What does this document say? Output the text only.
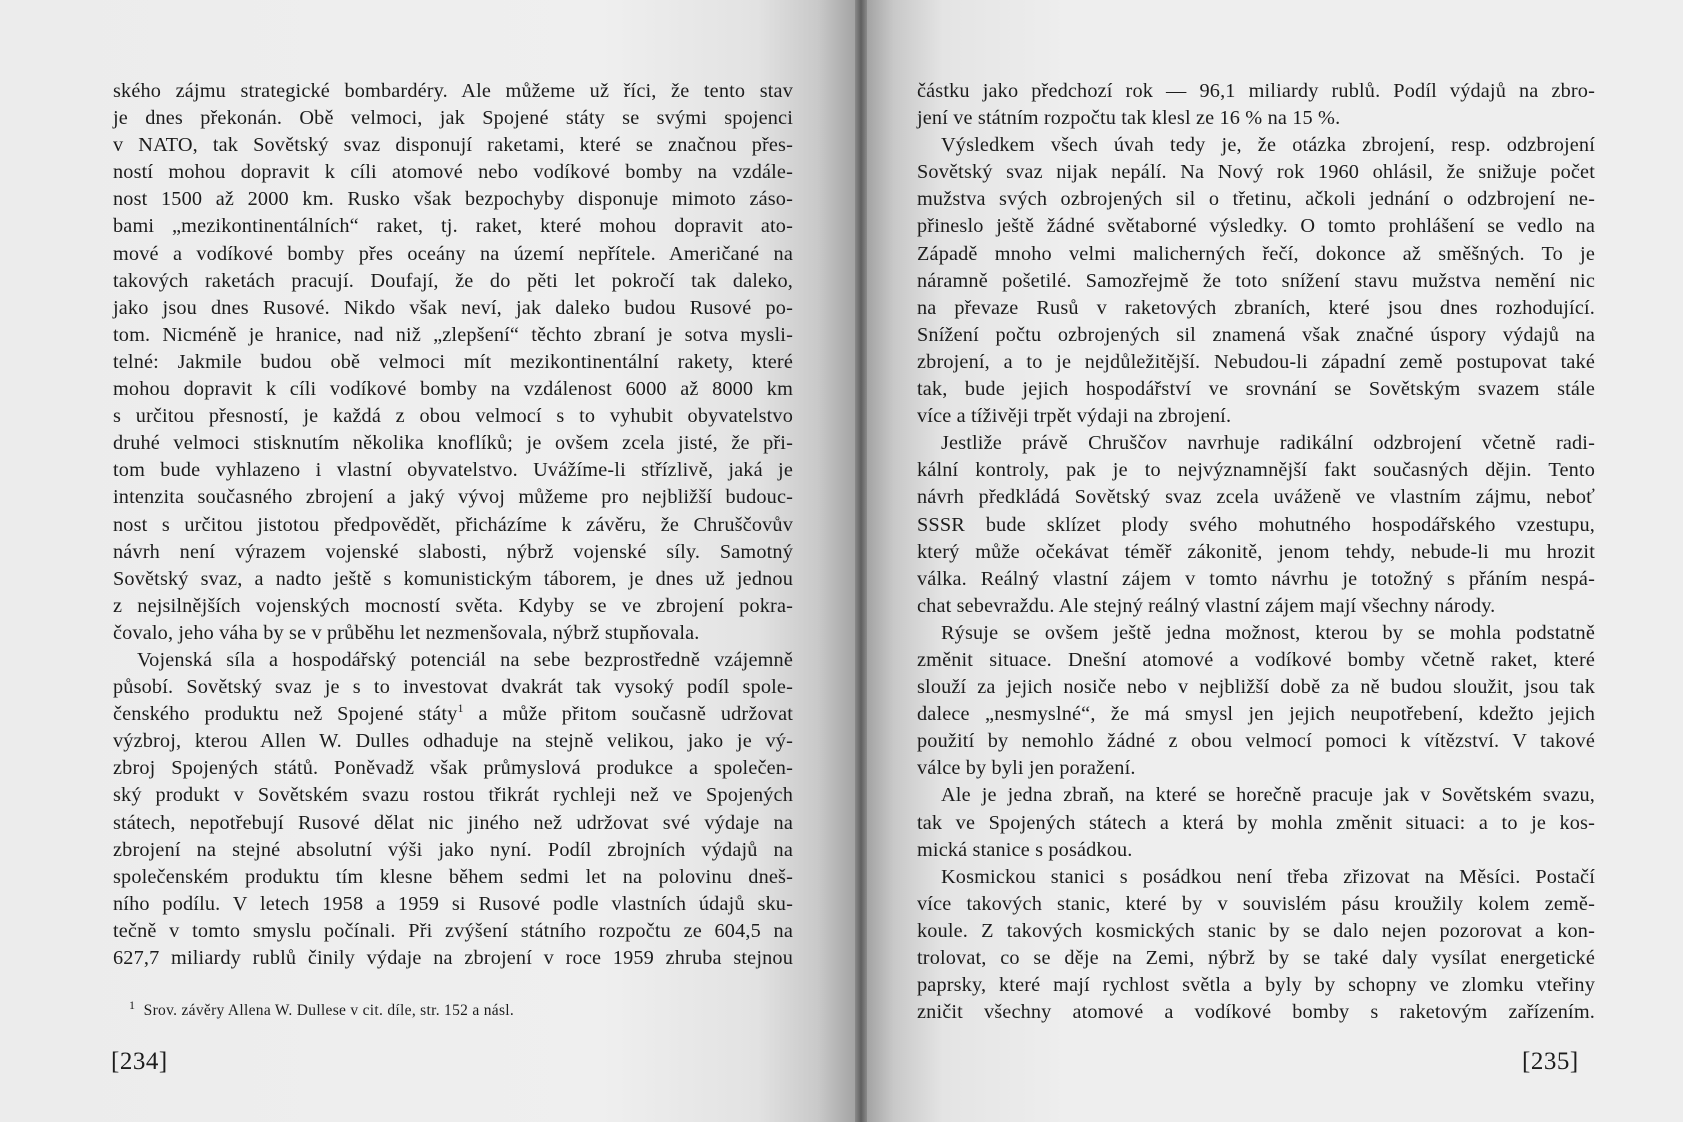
ského zájmu strategické bombardéry. Ale můžeme už říci, že tento stav
je dnes překonán. Obě velmoci, jak Spojené státy se svými spojenci
v NATO, tak Sovětský svaz disponují raketami, které se značnou přes-
ností mohou dopravit k cíli atomové nebo vodíkové bomby na vzdále-
nost 1500 až 2000 km. Rusko však bezpochyby disponuje mimoto záso-
bami „mezikontinentálních“ raket, tj. raket, které mohou dopravit ato-
mové a vodíkové bomby přes oceány na území nepřítele. Američané na
takových raketách pracují. Doufají, že do pěti let pokročí tak daleko,
jako jsou dnes Rusové. Nikdo však neví, jak daleko budou Rusové po-
tom. Nicméně je hranice, nad niž „zlepšení“ těchto zbraní je sotva mysli-
telné: Jakmile budou obě velmoci mít mezikontinentální rakety, které
mohou dopravit k cíli vodíkové bomby na vzdálenost 6000 až 8000 km
s určitou přesností, je každá z obou velmocí s to vyhubit obyvatelstvo
druhé velmoci stisknutím několika knoflíků; je ovšem zcela jisté, že při-
tom bude vyhlazeno i vlastní obyvatelstvo. Uvážíme-li střízlivě, jaká je
intenzita současného zbrojení a jaký vývoj můžeme pro nejbližší budouc-
nost s určitou jistotou předpovědět, přicházíme k závěru, že Chruščovův
návrh není výrazem vojenské slabosti, nýbrž vojenské síly. Samotný
Sovětský svaz, a nadto ještě s komunistickým táborem, je dnes už jednou
z nejsilnějších vojenských mocností světa. Kdyby se ve zbrojení pokra-
čovalo, jeho váha by se v průběhu let nezmenšovala, nýbrž stupňovala.
Vojenská síla a hospodářský potenciál na sebe bezprostředně vzájemně
působí. Sovětský svaz je s to investovat dvakrát tak vysoký podíl spole-
čenského produktu než Spojené státy$^1$ a může přitom současně udržovat
výzbroj, kterou Allen W. Dulles odhaduje na stejně velikou, jako je vý-
zbroj Spojených států. Poněvadž však průmyslová produkce a společen-
ský produkt v Sovětském svazu rostou třikrát rychleji než ve Spojených
státech, nepotřebují Rusové dělat nic jiného než udržovat své výdaje na
zbrojení na stejné absolutní výši jako nyní. Podíl zbrojních výdajů na
společenském produktu tím klesne během sedmi let na polovinu dneš-
ního podílu. V letech 1958 a 1959 si Rusové podle vlastních údajů sku-
tečně v tomto smyslu počínali. Při zvýšení státního rozpočtu ze 604,5 na
627,7 miliardy rublů činily výdaje na zbrojení v roce 1959 zhruba stejnou
$^1$ Srov. závěry Allena W. Dullese v cit. díle, str. 152 a násl.
[234]
částku jako předchozí rok — 96,1 miliardy rublů. Podíl výdajů na zbro-
jení ve státním rozpočtu tak klesl ze 16 % na 15 %.
Výsledkem všech úvah tedy je, že otázka zbrojení, resp. odzbrojení
Sovětský svaz nijak nepálí. Na Nový rok 1960 ohlásil, že snižuje počet
mužstva svých ozbrojených sil o třetinu, ačkoli jednání o odzbrojení ne-
přineslo ještě žádné světaborné výsledky. O tomto prohlášení se vedlo na
Západě mnoho velmi malicherných řečí, dokonce až směšných. To je
náramně pošetilé. Samozřejmě že toto snížení stavu mužstva nemění nic
na převaze Rusů v raketových zbraních, které jsou dnes rozhodující.
Snížení počtu ozbrojených sil znamená však značné úspory výdajů na
zbrojení, a to je nejdůležitější. Nebudou-li západní země postupovat také
tak, bude jejich hospodářství ve srovnání se Sovětským svazem stále
více a tíživěji trpět výdaji na zbrojení.
Jestliže právě Chruščov navrhuje radikální odzbrojení včetně radi-
kální kontroly, pak je to nejvýznamnější fakt současných dějin. Tento
návrh předkládá Sovětský svaz zcela uváženě ve vlastním zájmu, neboť
SSSR bude sklízet plody svého mohutného hospodářského vzestupu,
který může očekávat téměř zákonitě, jenom tehdy, nebude-li mu hrozit
válka. Reálný vlastní zájem v tomto návrhu je totožný s přáním nespá-
chat sebevraždu. Ale stejný reálný vlastní zájem mají všechny národy.
Rýsuje se ovšem ještě jedna možnost, kterou by se mohla podstatně
změnit situace. Dnešní atomové a vodíkové bomby včetně raket, které
slouží za jejich nosiče nebo v nejbližší době za ně budou sloužit, jsou tak
dalece „nesmyslné“, že má smysl jen jejich neupotřebení, kdežto jejich
použití by nemohlo žádné z obou velmocí pomoci k vítězství. V takové
válce by byli jen poražení.
Ale je jedna zbraň, na které se horečně pracuje jak v Sovětském svazu,
tak ve Spojených státech a která by mohla změnit situaci: a to je kos-
mická stanice s posádkou.
Kosmickou stanici s posádkou není třeba zřizovat na Měsíci. Postačí
více takových stanic, které by v souvislém pásu kroužily kolem země-
koule. Z takových kosmických stanic by se dalo nejen pozorovat a kon-
trolovat, co se děje na Zemi, nýbrž by se také daly vysílat energetické
paprsky, které mají rychlost světla a byly by schopny ve zlomku vteřiny
zničit všechny atomové a vodíkové bomby s raketovým zařízením.
[235]
